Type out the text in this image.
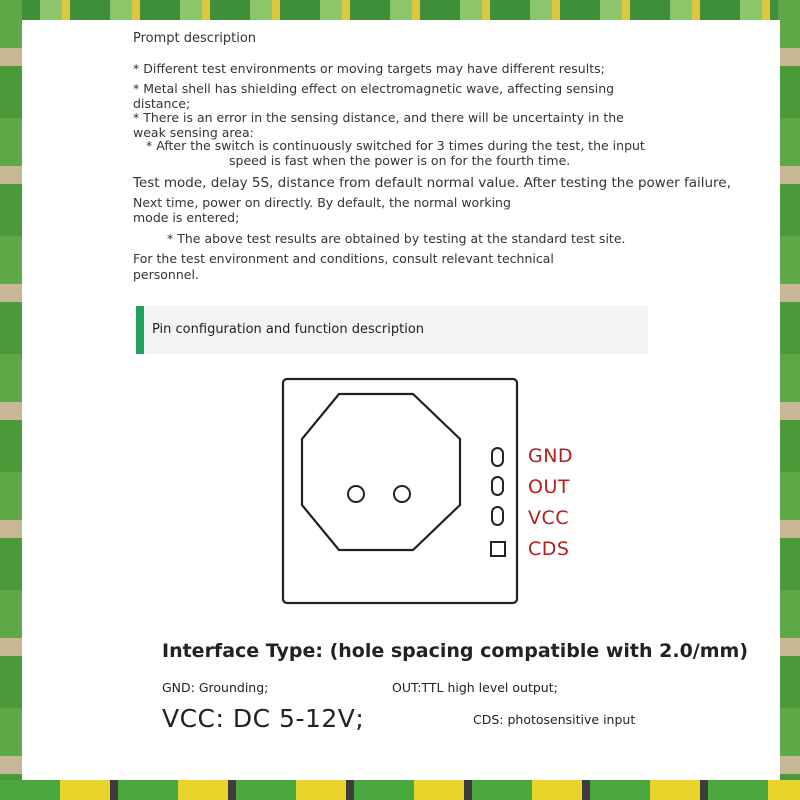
Prompt description
* Different test environments or moving targets may have different results;
* Metal shell has shielding effect on electromagnetic wave, affecting sensing
distance;
* There is an error in the sensing distance, and there will be uncertainty in the
weak sensing area:
* After the switch is continuously switched for 3 times during the test, the input
speed is fast when the power is on for the fourth time.
Test mode, delay 5S, distance from default normal value. After testing the power failure,
Next time, power on directly. By default, the normal working
mode is entered;
* The above test results are obtained by testing at the standard test site.
For the test environment and conditions, consult relevant technical
personnel.
Pin configuration and function description
GND
OUT
VCC
CDS
Interface Type: (hole spacing compatible with 2.0/mm)
GND: Grounding;	OUT:TTL high level output;
VCC: DC 5-12V;	CDS: photosensitive input
